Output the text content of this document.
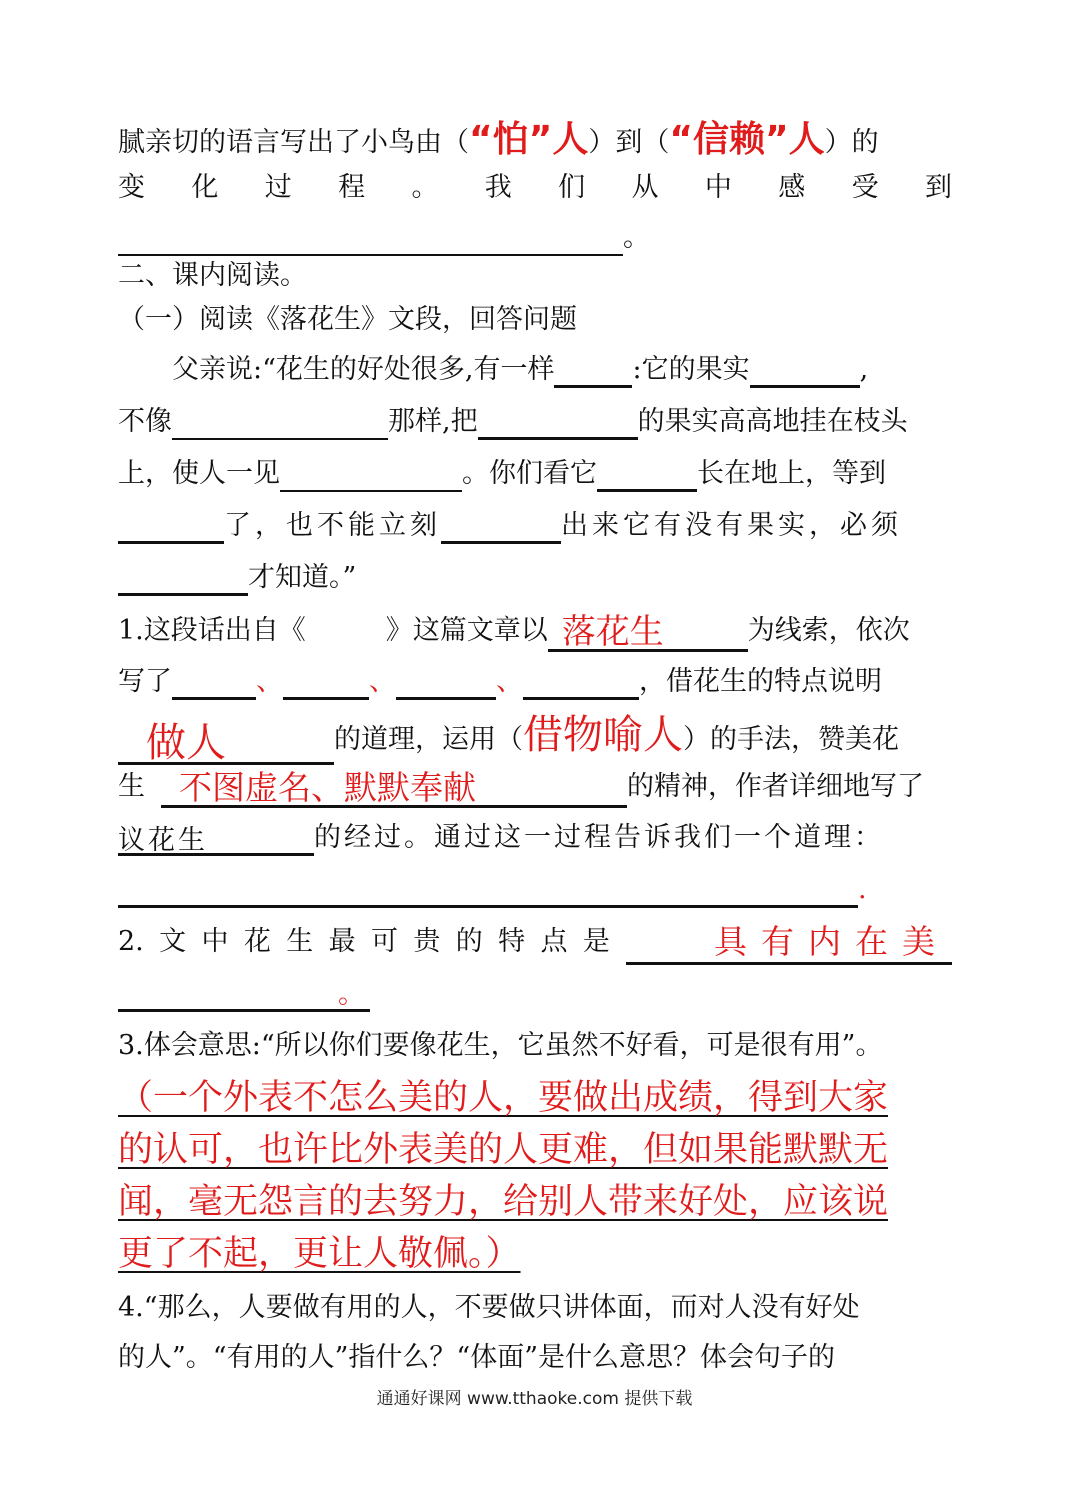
腻亲切的语言写出了小鸟由（“怕”人）到（“信赖”人）的
变 化 过 程 。 我 们 从 中 感 受 到
。
二、课内阅读。
（一）阅读《落花生》文段，回答问题
父亲说:“花生的好处很多,有一样	:它的果实	,
不像	那样,把	的果实高高地挂在枝头
上，使人一见	。你们看它	长在地上，等到
了，也不能立刻	出来它有没有果实，必须
才知道。”
1.这段话出自《	》这篇文章以 落花生	为线索，依次
写了	、	、	、	，借花生的特点说明
做人	的道理，运用（借物喻人）的手法，赞美花
生 不图虚名、默默奉献	的精神，作者详细地写了
议花生	的经过。通过这一过程告诉我们一个道理：
.
2. 文 中 花 生 最 可 贵 的 特 点 是	具有内在美
。
3.体会意思:“所以你们要像花生，它虽然不好看，可是很有用”。
（一个外表不怎么美的人，要做出成绩，得到大家
的认可，也许比外表美的人更难，但如果能默默无
闻，毫无怨言的去努力，给别人带来好处，应该说
更了不起，更让人敬佩。）
4.“那么，人要做有用的人，不要做只讲体面，而对人没有好处
的人”。“有用的人”指什么？“体面”是什么意思？体会句子的
通通好课网 www.tthaoke.com 提供下载
